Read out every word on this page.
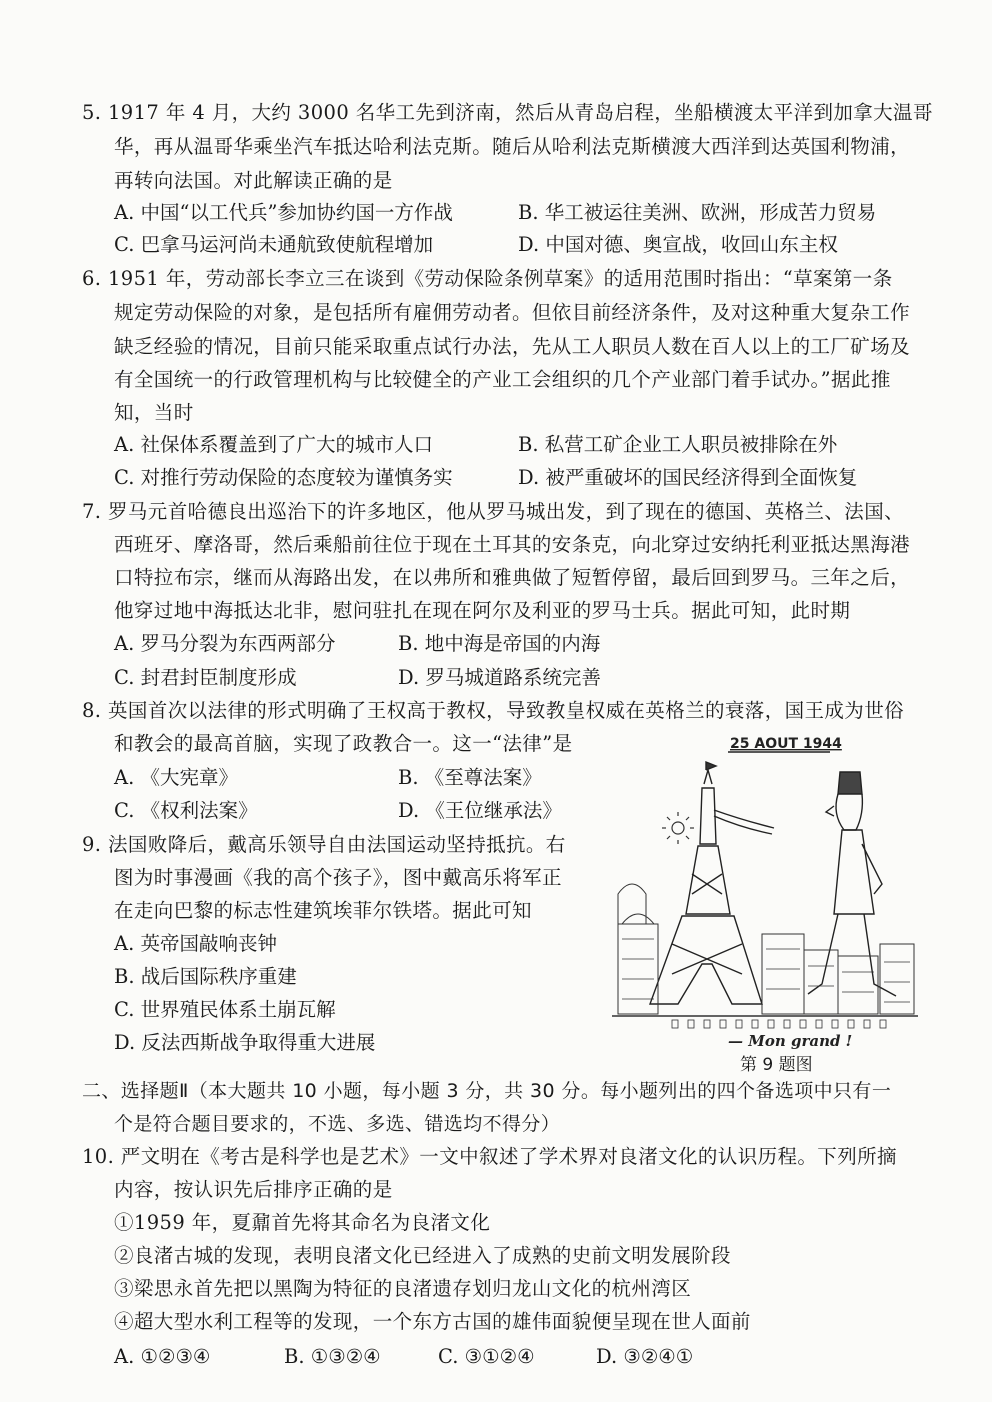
5. 1917 年 4 月，大约 3000 名华工先到济南，然后从青岛启程，坐船横渡太平洋到加拿大温哥
华，再从温哥华乘坐汽车抵达哈利法克斯。随后从哈利法克斯横渡大西洋到达英国利物浦，
再转向法国。对此解读正确的是
A. 中国“以工代兵”参加协约国一方作战	B. 华工被运往美洲、欧洲，形成苦力贸易
C. 巴拿马运河尚未通航致使航程增加	D. 中国对德、奥宣战，收回山东主权
6. 1951 年，劳动部长李立三在谈到《劳动保险条例草案》的适用范围时指出：“草案第一条
规定劳动保险的对象，是包括所有雇佣劳动者。但依目前经济条件，及对这种重大复杂工作
缺乏经验的情况，目前只能采取重点试行办法，先从工人职员人数在百人以上的工厂矿场及
有全国统一的行政管理机构与比较健全的产业工会组织的几个产业部门着手试办。”据此推
知，当时
A. 社保体系覆盖到了广大的城市人口	B. 私营工矿企业工人职员被排除在外
C. 对推行劳动保险的态度较为谨慎务实	D. 被严重破坏的国民经济得到全面恢复
7. 罗马元首哈德良出巡治下的许多地区，他从罗马城出发，到了现在的德国、英格兰、法国、
西班牙、摩洛哥，然后乘船前往位于现在土耳其的安条克，向北穿过安纳托利亚抵达黑海港
口特拉布宗，继而从海路出发，在以弗所和雅典做了短暂停留，最后回到罗马。三年之后，
他穿过地中海抵达北非，慰问驻扎在现在阿尔及利亚的罗马士兵。据此可知，此时期
A. 罗马分裂为东西两部分	B. 地中海是帝国的内海
C. 封君封臣制度形成	D. 罗马城道路系统完善
8. 英国首次以法律的形式明确了王权高于教权，导致教皇权威在英格兰的衰落，国王成为世俗
和教会的最高首脑，实现了政教合一。这一“法律”是
A. 《大宪章》	B. 《至尊法案》
C. 《权利法案》	D. 《王位继承法》
9. 法国败降后，戴高乐领导自由法国运动坚持抵抗。右
图为时事漫画《我的高个孩子》，图中戴高乐将军正
在走向巴黎的标志性建筑埃菲尔铁塔。据此可知
A. 英帝国敲响丧钟
B. 战后国际秩序重建
C. 世界殖民体系土崩瓦解
D. 反法西斯战争取得重大进展
25 AOUT 1944
— Mon grand !
第 9 题图
二、选择题Ⅱ（本大题共 10 小题，每小题 3 分，共 30 分。每小题列出的四个备选项中只有一
个是符合题目要求的，不选、多选、错选均不得分）
10. 严文明在《考古是科学也是艺术》一文中叙述了学术界对良渚文化的认识历程。下列所摘
内容，按认识先后排序正确的是
①1959 年，夏鼐首先将其命名为良渚文化
②良渚古城的发现，表明良渚文化已经进入了成熟的史前文明发展阶段
③梁思永首先把以黑陶为特征的良渚遗存划归龙山文化的杭州湾区
④超大型水利工程等的发现，一个东方古国的雄伟面貌便呈现在世人面前
A. ①②③④	B. ①③②④	C. ③①②④	D. ③②④①
